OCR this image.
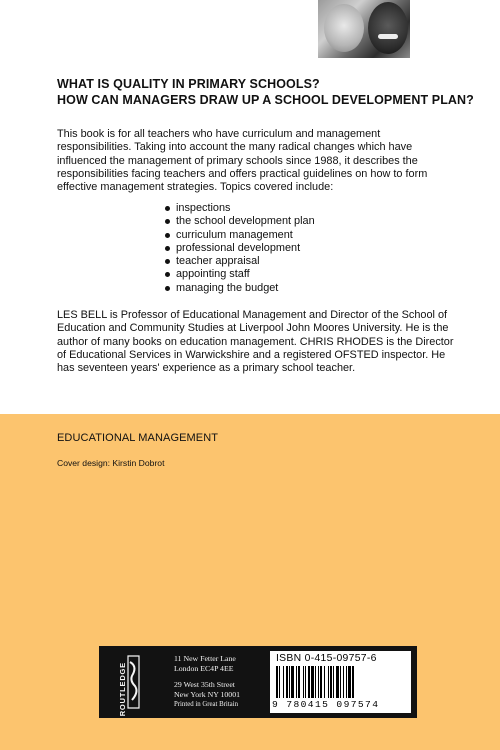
WHAT IS QUALITY IN PRIMARY SCHOOLS?
HOW CAN MANAGERS DRAW UP A SCHOOL DEVELOPMENT PLAN?
This book is for all teachers who have curriculum and management
responsibilities. Taking into account the many radical changes which have
influenced the management of primary schools since 1988, it describes the
responsibilities facing teachers and offers practical guidelines on how to form
effective management strategies. Topics covered include:
inspections
the school development plan
curriculum management
professional development
teacher appraisal
appointing staff
managing the budget
LES BELL is Professor of Educational Management and Director of the School of
Education and Community Studies at Liverpool John Moores University. He is the
author of many books on education management. CHRIS RHODES is the Director
of Educational Services in Warwickshire and a registered OFSTED inspector. He
has seventeen years' experience as a primary school teacher.
EDUCATIONAL MANAGEMENT
Cover design: Kirstin Dobrot
ROUTLEDGE
11 New Fetter Lane
London EC4P 4EE
29 West 35th Street
New York NY 10001
Printed in Great Britain
ISBN 0-415-09757-6
9 780415 097574
